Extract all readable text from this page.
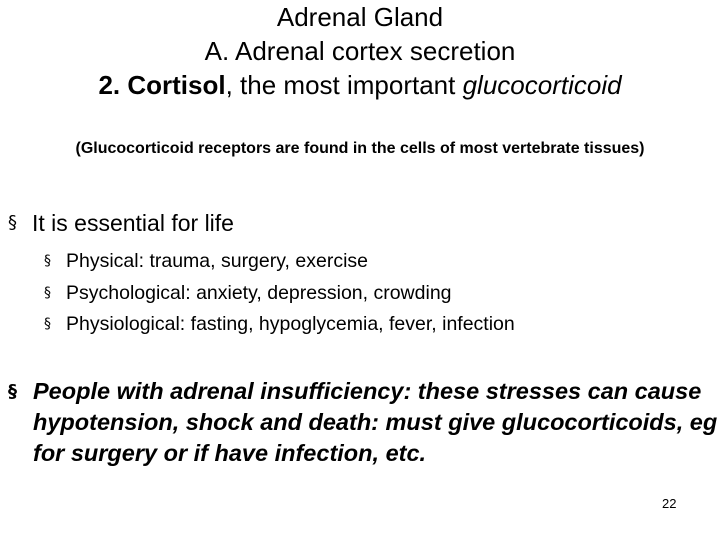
Adrenal Gland
A. Adrenal cortex secretion
2. Cortisol, the most important glucocorticoid
(Glucocorticoid receptors are found in the cells of most vertebrate tissues)
§ It is essential for life
§ Physical: trauma, surgery, exercise
§ Psychological: anxiety, depression, crowding
§ Physiological: fasting, hypoglycemia, fever, infection
§ People with adrenal insufficiency: these stresses can cause hypotension, shock and death: must give glucocorticoids, eg for surgery or if have infection, etc.
22
